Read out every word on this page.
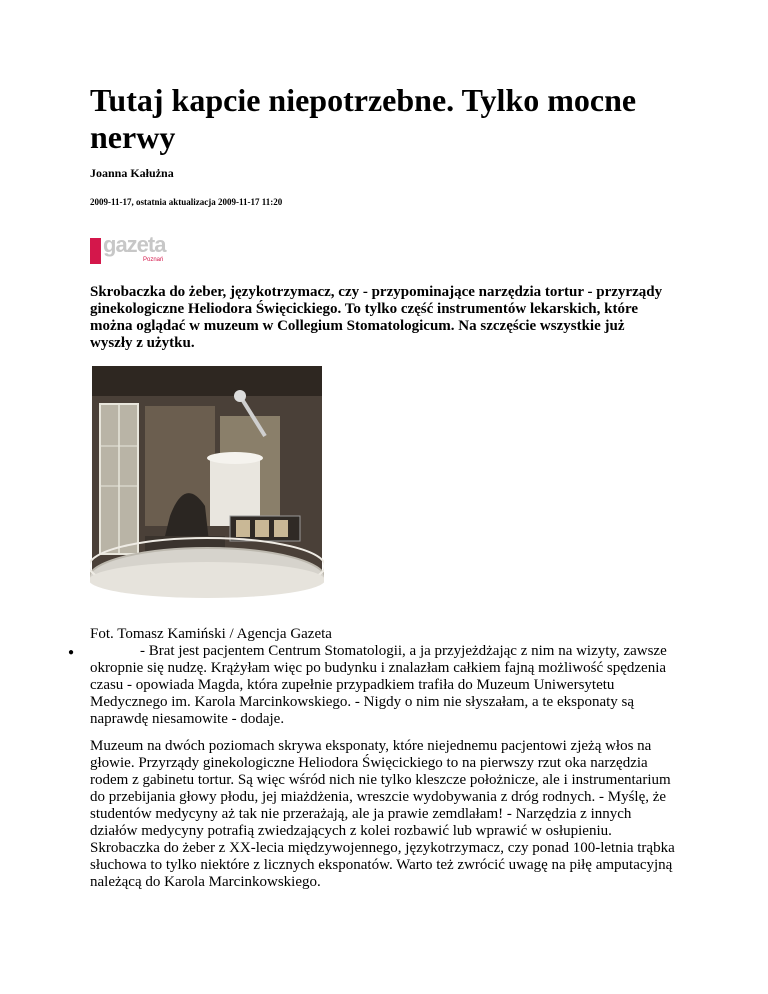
Tutaj kapcie niepotrzebne. Tylko mocne nerwy
Joanna Kałużna
2009-11-17, ostatnia aktualizacja 2009-11-17 11:20
gazeta
Poznań

Skrobaczka do żeber, językotrzymacz, czy - przypominające narzędzia tortur - przyrządy ginekologiczne Heliodora Święcickiego. To tylko część instrumentów lekarskich, które można oglądać w muzeum w Collegium Stomatologicum. Na szczęście wszystkie już wyszły z użytku.

Fot. Tomasz Kamiński / Agencja Gazeta
●	- Brat jest pacjentem Centrum Stomatologii, a ja przyjeżdżając z nim na wizyty, zawsze okropnie się nudzę. Krążyłam więc po budynku i znalazłam całkiem fajną możliwość spędzenia czasu - opowiada Magda, która zupełnie przypadkiem trafiła do Muzeum Uniwersytetu Medycznego im. Karola Marcinkowskiego. - Nigdy o nim nie słyszałam, a te eksponaty są naprawdę niesamowite - dodaje.

Muzeum na dwóch poziomach skrywa eksponaty, które niejednemu pacjentowi zjeżą włos na głowie. Przyrządy ginekologiczne Heliodora Święcickiego to na pierwszy rzut oka narzędzia rodem z gabinetu tortur. Są więc wśród nich nie tylko kleszcze położnicze, ale i instrumentarium do przebijania głowy płodu, jej miażdżenia, wreszcie wydobywania z dróg rodnych. - Myślę, że studentów medycyny aż tak nie przerażają, ale ja prawie zemdlałam! - Narzędzia z innych działów medycyny potrafią zwiedzających z kolei rozbawić lub wprawić w osłupieniu. Skrobaczka do żeber z XX-lecia międzywojennego, językotrzymacz, czy ponad 100-letnia trąbka słuchowa to tylko niektóre z licznych eksponatów. Warto też zwrócić uwagę na piłę amputacyjną należącą do Karola Marcinkowskiego.
